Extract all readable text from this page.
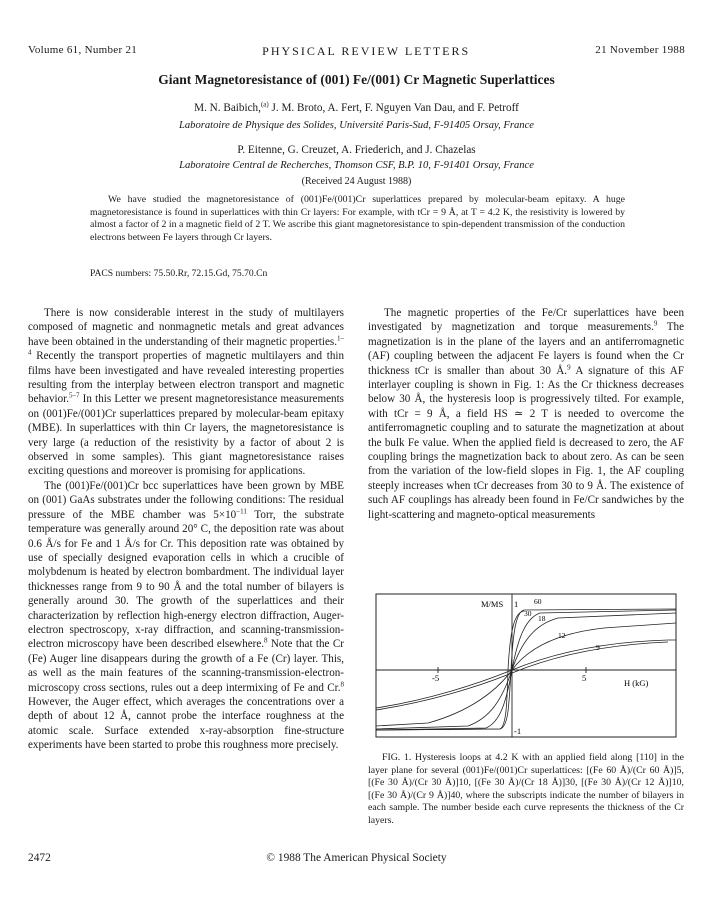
Volume 61, Number 21	PHYSICAL REVIEW LETTERS	21 November 1988
Giant Magnetoresistance of (001) Fe/(001) Cr Magnetic Superlattices
M. N. Baibich,$^{(a)}$ J. M. Broto, A. Fert, F. Nguyen Van Dau, and F. Petroff
Laboratoire de Physique des Solides, Université Paris-Sud, F-91405 Orsay, France
P. Eitenne, G. Creuzet, A. Friederich, and J. Chazelas
Laboratoire Central de Recherches, Thomson CSF, B.P. 10, F-91401 Orsay, France
(Received 24 August 1988)
We have studied the magnetoresistance of (001)Fe/(001)Cr superlattices prepared by molecular-beam epitaxy. A huge magnetoresistance is found in superlattices with thin Cr layers: For example, with tCr = 9 Å, at T = 4.2 K, the resistivity is lowered by almost a factor of 2 in a magnetic field of 2 T. We ascribe this giant magnetoresistance to spin-dependent transmission of the conduction electrons between Fe layers through Cr layers.
PACS numbers: 75.50.Rr, 72.15.Gd, 75.70.Cn

There is now considerable interest in the study of multilayers composed of magnetic and nonmagnetic metals and great advances have been obtained in the understanding of their magnetic properties.$^{1-4}$ Recently the transport properties of magnetic multilayers and thin films have been investigated and have revealed interesting properties resulting from the interplay between electron transport and magnetic behavior.$^{5-7}$ In this Letter we present magnetoresistance measurements on (001)Fe/(001)Cr superlattices prepared by molecular-beam epitaxy (MBE). In superlattices with thin Cr layers, the magnetoresistance is very large (a reduction of the resistivity by a factor of about 2 is observed in some samples). This giant magnetoresistance raises exciting questions and moreover is promising for applications.

The (001)Fe/(001)Cr bcc superlattices have been grown by MBE on (001) GaAs substrates under the following conditions: The residual pressure of the MBE chamber was $5\times 10^{-11}$ Torr, the substrate temperature was generally around 20° C, the deposition rate was about 0.6 Å/s for Fe and 1 Å/s for Cr. This deposition rate was obtained by use of specially designed evaporation cells in which a crucible of molybdenum is heated by electron bombardment. The individual layer thicknesses range from 9 to 90 Å and the total number of bilayers is generally around 30. The growth of the superlattices and their characterization by reflection high-energy electron diffraction, Auger-electron spectroscopy, x-ray diffraction, and scanning-transmission-electron microscopy have been described elsewhere.$^8$ Note that the Cr (Fe) Auger line disappears during the growth of a Fe (Cr) layer. This, as well as the main features of the scanning-transmission-electron-microscopy cross sections, rules out a deep intermixing of Fe and Cr.$^8$ However, the Auger effect, which averages the concentrations over a depth of about 12 Å, cannot probe the interface roughness at the atomic scale. Surface extended x-ray-absorption fine-structure experiments have been started to probe this roughness more precisely.

The magnetic properties of the Fe/Cr superlattices have been investigated by magnetization and torque measurements.$^9$ The magnetization is in the plane of the layers and an antiferromagnetic (AF) coupling between the adjacent Fe layers is found when the Cr thickness tCr is smaller than about 30 Å.$^9$ A signature of this AF interlayer coupling is shown in Fig. 1: As the Cr thickness decreases below 30 Å, the hysteresis loop is progressively tilted. For example, with tCr = 9 Å, a field HS ≃ 2 T is needed to overcome the antiferromagnetic coupling and to saturate the magnetization at about the bulk Fe value. When the applied field is decreased to zero, the AF coupling brings the magnetization back to about zero. As can be seen from the variation of the low-field slopes in Fig. 1, the AF coupling steeply increases when tCr decreases from 30 to 9 Å. The existence of such AF couplings has already been found in Fe/Cr sandwiches by the light-scattering and magneto-optical measurements

M/MS 1
-1
-5	5	H (kG)
60
30
18
12
9
FIG. 1. Hysteresis loops at 4.2 K with an applied field along [110] in the layer plane for several (001)Fe/(001)Cr superlattices: [(Fe 60 Å)/(Cr 60 Å)]5, [(Fe 30 Å)/(Cr 30 Å)]10, [(Fe 30 Å)/(Cr 18 Å)]30, [(Fe 30 Å)/(Cr 12 Å)]10, [(Fe 30 Å)/(Cr 9 Å)]40, where the subscripts indicate the number of bilayers in each sample. The number beside each curve represents the thickness of the Cr layers.
2472	© 1988 The American Physical Society
